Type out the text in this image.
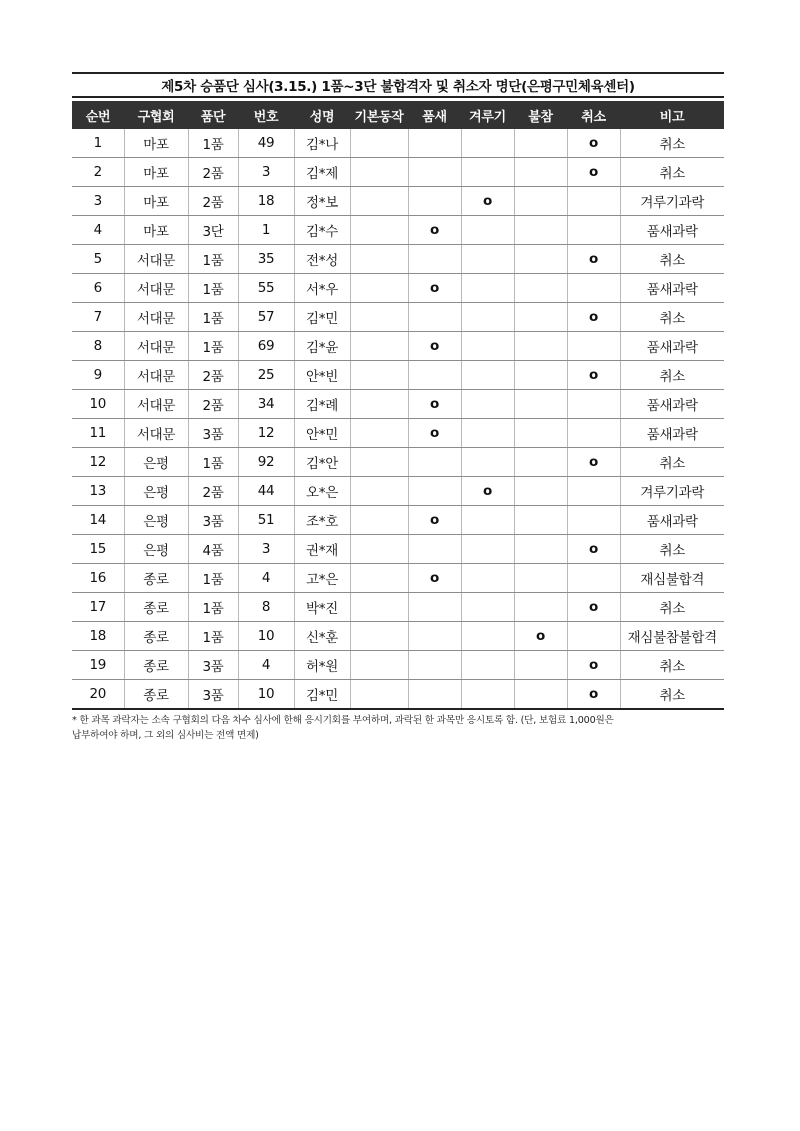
제5차 승품단 심사(3.15.) 1품~3단 불합격자 및 취소자 명단(은평구민체육센터)
순번	구협회	품단	번호	성명	기본동작	품새	겨루기	불참	취소	비고
1	마포	1품	49	김*나					o	취소
2	마포	2품	3	김*제					o	취소
3	마포	2품	18	정*보			o			겨루기과락
4	마포	3단	1	김*수		o				품새과락
5	서대문	1품	35	전*성					o	취소
6	서대문	1품	55	서*우		o				품새과락
7	서대문	1품	57	김*민					o	취소
8	서대문	1품	69	김*윤		o				품새과락
9	서대문	2품	25	안*빈					o	취소
10	서대문	2품	34	김*례		o				품새과락
11	서대문	3품	12	안*민		o				품새과락
12	은평	1품	92	김*안					o	취소
13	은평	2품	44	오*은			o			겨루기과락
14	은평	3품	51	조*호		o				품새과락
15	은평	4품	3	권*재					o	취소
16	종로	1품	4	고*은		o				재심불합격
17	종로	1품	8	박*진					o	취소
18	종로	1품	10	신*훈				o		재심불참불합격
19	종로	3품	4	허*원					o	취소
20	종로	3품	10	김*민					o	취소
* 한 과목 과락자는 소속 구협회의 다음 차수 심사에 한해 응시기회를 부여하며, 과락된 한 과목만 응시토록 함. (단, 보험료 1,000원은
납부하여야 하며, 그 외의 심사비는 전액 면제)
